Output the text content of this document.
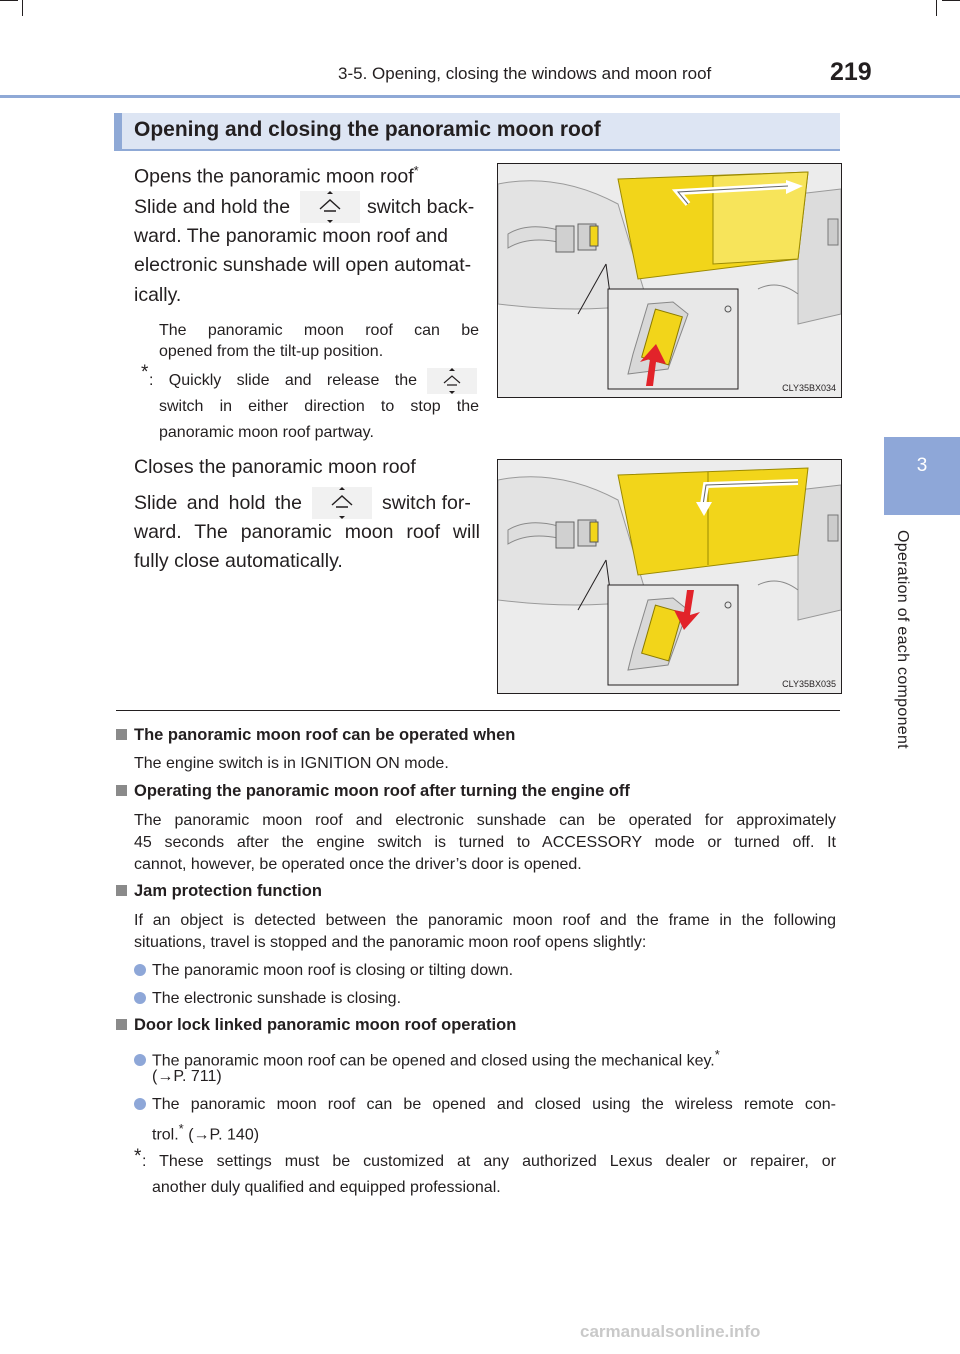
3-5. Opening, closing the windows and moon roof	219
3
Operation of each component
Opening and closing the panoramic moon roof
Opens the panoramic moon roof*
Slide and hold the	switch back-
ward. The panoramic moon roof and
electronic sunshade will open automat-
ically.
The panoramic moon roof can be
opened from the tilt-up position.
* : Quickly slide and release the
switch in either direction to stop the
panoramic moon roof partway.
CLY35BX034
Closes the panoramic moon roof
Slide and hold the	switch for-
ward. The panoramic moon roof will
fully close automatically.
CLY35BX035
The panoramic moon roof can be operated when
The engine switch is in IGNITION ON mode.
Operating the panoramic moon roof after turning the engine off
The panoramic moon roof and electronic sunshade can be operated for approximately
45 seconds after the engine switch is turned to ACCESSORY mode or turned off. It
cannot, however, be operated once the driver’s door is opened.
Jam protection function
If an object is detected between the panoramic moon roof and the frame in the following
situations, travel is stopped and the panoramic moon roof opens slightly:
The panoramic moon roof is closing or tilting down.
The electronic sunshade is closing.
Door lock linked panoramic moon roof operation
The panoramic moon roof can be opened and closed using the mechanical key.*
(→P. 711)
The panoramic moon roof can be opened and closed using the wireless remote con-
trol.* (→P. 140)
* : These settings must be customized at any authorized Lexus dealer or repairer, or
another duly qualified and equipped professional.
carmanualsonline.info
